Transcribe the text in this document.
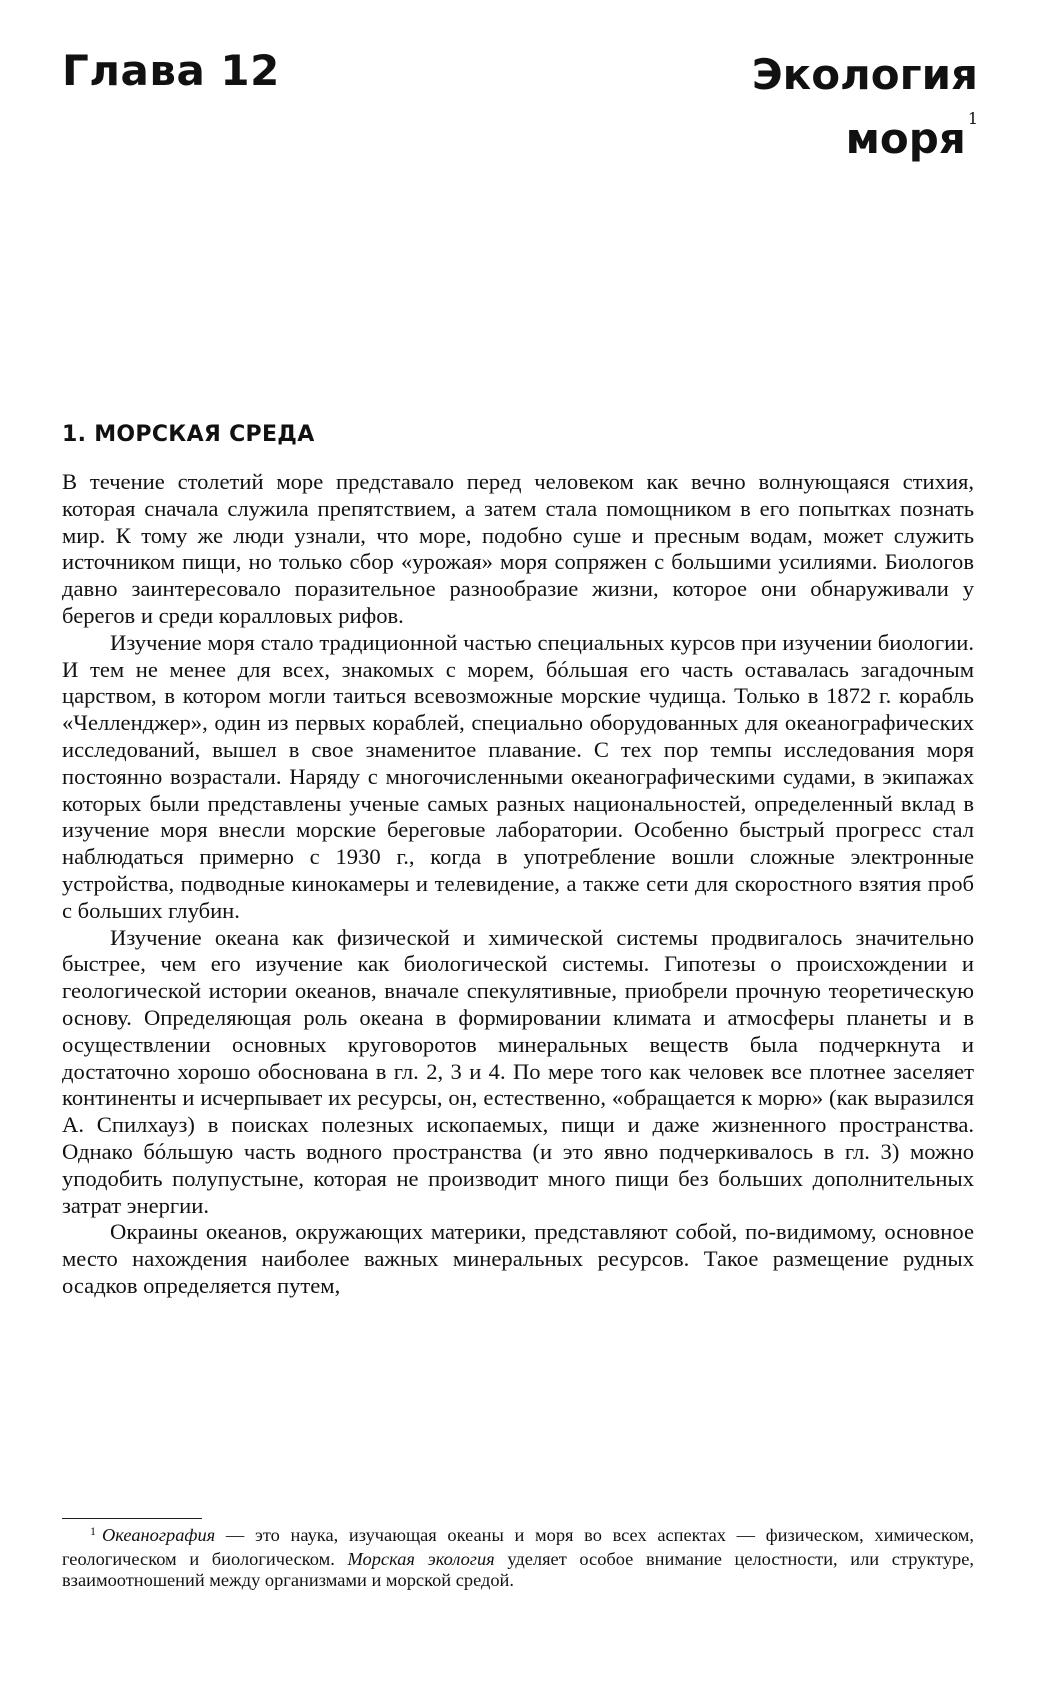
Глава 12	Экология
моря $^1$
1. МОРСКАЯ СРЕДА

В течение столетий море представало перед человеком как вечно волнующаяся стихия, которая сначала служила препятствием, а затем стала помощником в его попытках познать мир. К тому же люди узнали, что море, подобно суше и пресным водам, может служить источником пищи, но только сбор «урожая» моря сопряжен с большими усилиями. Биологов давно заинтересовало поразительное разнообразие жизни, которое они обнаруживали у берегов и среди коралловых рифов.

Изучение моря стало традиционной частью специальных курсов при изучении биологии. И тем не менее для всех, знакомых с морем, бóльшая его часть оставалась загадочным царством, в котором могли таиться всевозможные морские чудища. Только в 1872 г. корабль «Челленджер», один из первых кораблей, специально оборудованных для океанографических исследований, вышел в свое знаменитое плавание. С тех пор темпы исследования моря постоянно возрастали. Наряду с многочисленными океанографическими судами, в экипажах которых были представлены ученые самых разных национальностей, определенный вклад в изучение моря внесли морские береговые лаборатории. Особенно быстрый прогресс стал наблюдаться примерно с 1930 г., когда в употребление вошли сложные электронные устройства, подводные кинокамеры и телевидение, а также сети для скоростного взятия проб с больших глубин.

Изучение океана как физической и химической системы продвигалось значительно быстрее, чем его изучение как биологической системы. Гипотезы о происхождении и геологической истории океанов, вначале спекулятивные, приобрели прочную теоретическую основу. Определяющая роль океана в формировании климата и атмосферы планеты и в осуществлении основных круговоротов минеральных веществ была подчеркнута и достаточно хорошо обоснована в гл. 2, 3 и 4. По мере того как человек все плотнее заселяет континенты и исчерпывает их ресурсы, он, естественно, «обращается к морю» (как выразился А. Спилхауз) в поисках полезных ископаемых, пищи и даже жизненного пространства. Однако бóльшую часть водного пространства (и это явно подчеркивалось в гл. 3) можно уподобить полупустыне, которая не производит много пищи без больших дополнительных затрат энергии.

Окраины океанов, окружающих материки, представляют собой, по-видимому, основное место нахождения наиболее важных минеральных ресурсов. Такое размещение рудных осадков определяется путем,

$^1$ Океанография — это наука, изучающая океаны и моря во всех аспектах — физическом, химическом, геологическом и биологическом. Морская экология уделяет особое внимание целостности, или структуре, взаимоотношений между организмами и морской средой.
